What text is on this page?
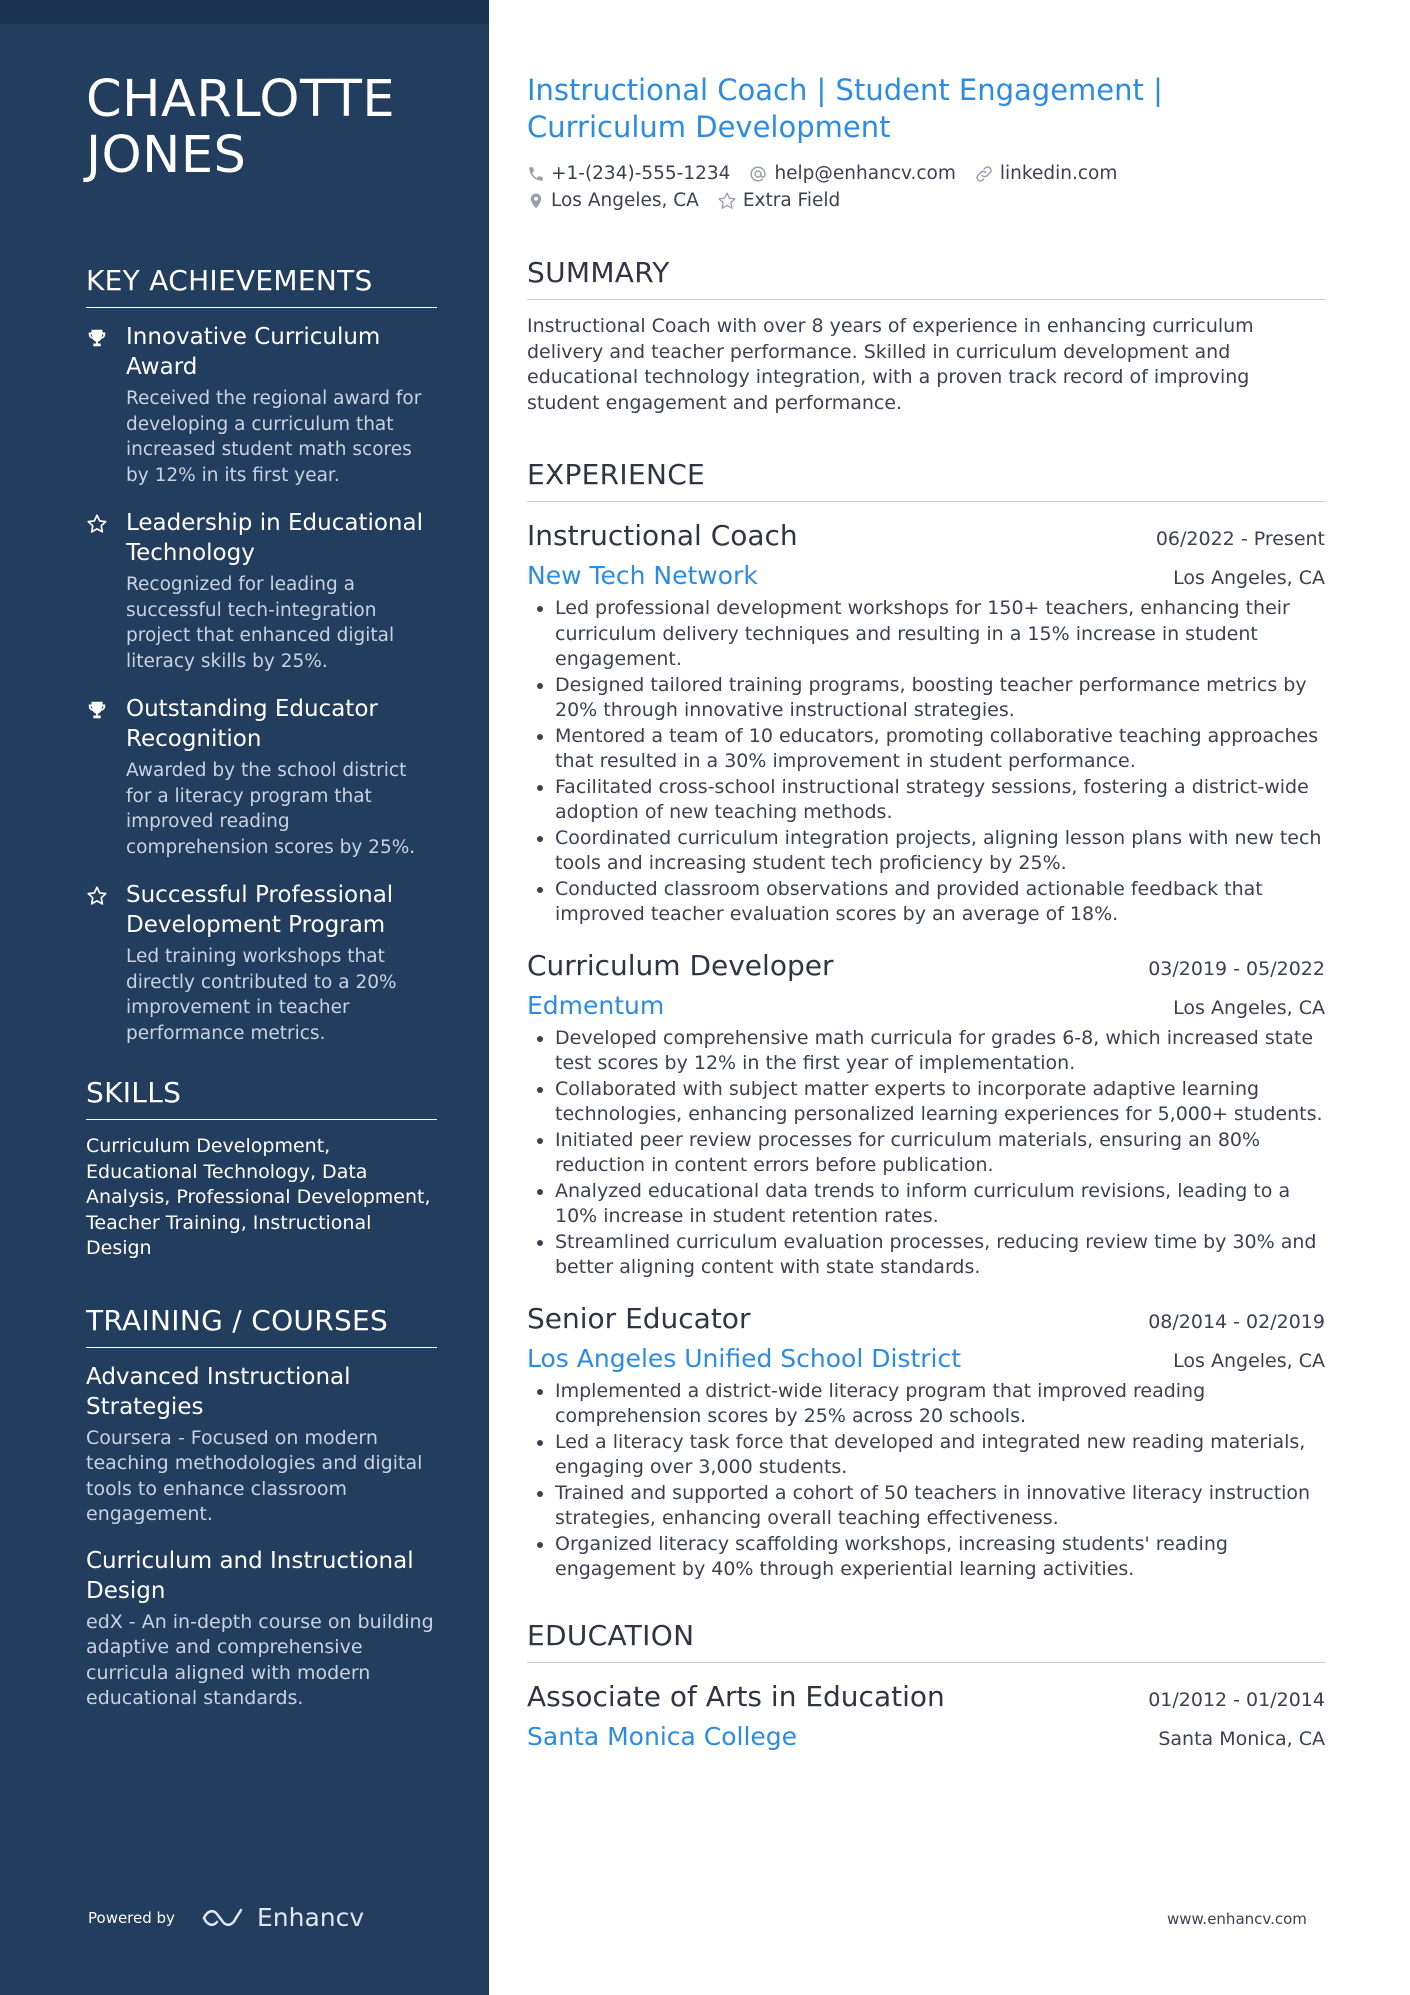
CHARLOTTE
JONES
KEY ACHIEVEMENTS
Innovative Curriculum Award
Received the regional award for developing a curriculum that increased student math scores by 12% in its first year.
Leadership in Educational Technology
Recognized for leading a successful tech-integration project that enhanced digital literacy skills by 25%.
Outstanding Educator Recognition
Awarded by the school district for a literacy program that improved reading comprehension scores by 25%.
Successful Professional Development Program
Led training workshops that directly contributed to a 20% improvement in teacher performance metrics.
SKILLS
Curriculum Development, Educational Technology, Data Analysis, Professional Development, Teacher Training, Instructional Design
TRAINING / COURSES
Advanced Instructional Strategies
Coursera - Focused on modern teaching methodologies and digital tools to enhance classroom engagement.
Curriculum and Instructional Design
edX - An in-depth course on building adaptive and comprehensive curricula aligned with modern educational standards.
Powered by	Enhancv
Instructional Coach | Student Engagement | Curriculum Development
+1-(234)-555-1234 help@enhancv.com linkedin.com
Los Angeles, CA Extra Field
SUMMARY
Instructional Coach with over 8 years of experience in enhancing curriculum delivery and teacher performance. Skilled in curriculum development and educational technology integration, with a proven track record of improving student engagement and performance.
EXPERIENCE
Instructional Coach	06/2022 - Present
New Tech Network	Los Angeles, CA
• Led professional development workshops for 150+ teachers, enhancing their curriculum delivery techniques and resulting in a 15% increase in student engagement.
• Designed tailored training programs, boosting teacher performance metrics by 20% through innovative instructional strategies.
• Mentored a team of 10 educators, promoting collaborative teaching approaches that resulted in a 30% improvement in student performance.
• Facilitated cross-school instructional strategy sessions, fostering a district-wide adoption of new teaching methods.
• Coordinated curriculum integration projects, aligning lesson plans with new tech tools and increasing student tech proficiency by 25%.
• Conducted classroom observations and provided actionable feedback that improved teacher evaluation scores by an average of 18%.
Curriculum Developer	03/2019 - 05/2022
Edmentum	Los Angeles, CA
• Developed comprehensive math curricula for grades 6-8, which increased state test scores by 12% in the first year of implementation.
• Collaborated with subject matter experts to incorporate adaptive learning technologies, enhancing personalized learning experiences for 5,000+ students.
• Initiated peer review processes for curriculum materials, ensuring an 80% reduction in content errors before publication.
• Analyzed educational data trends to inform curriculum revisions, leading to a 10% increase in student retention rates.
• Streamlined curriculum evaluation processes, reducing review time by 30% and better aligning content with state standards.
Senior Educator	08/2014 - 02/2019
Los Angeles Unified School District	Los Angeles, CA
• Implemented a district-wide literacy program that improved reading comprehension scores by 25% across 20 schools.
• Led a literacy task force that developed and integrated new reading materials, engaging over 3,000 students.
• Trained and supported a cohort of 50 teachers in innovative literacy instruction strategies, enhancing overall teaching effectiveness.
• Organized literacy scaffolding workshops, increasing students' reading engagement by 40% through experiential learning activities.
EDUCATION
Associate of Arts in Education	01/2012 - 01/2014
Santa Monica College	Santa Monica, CA
www.enhancv.com
